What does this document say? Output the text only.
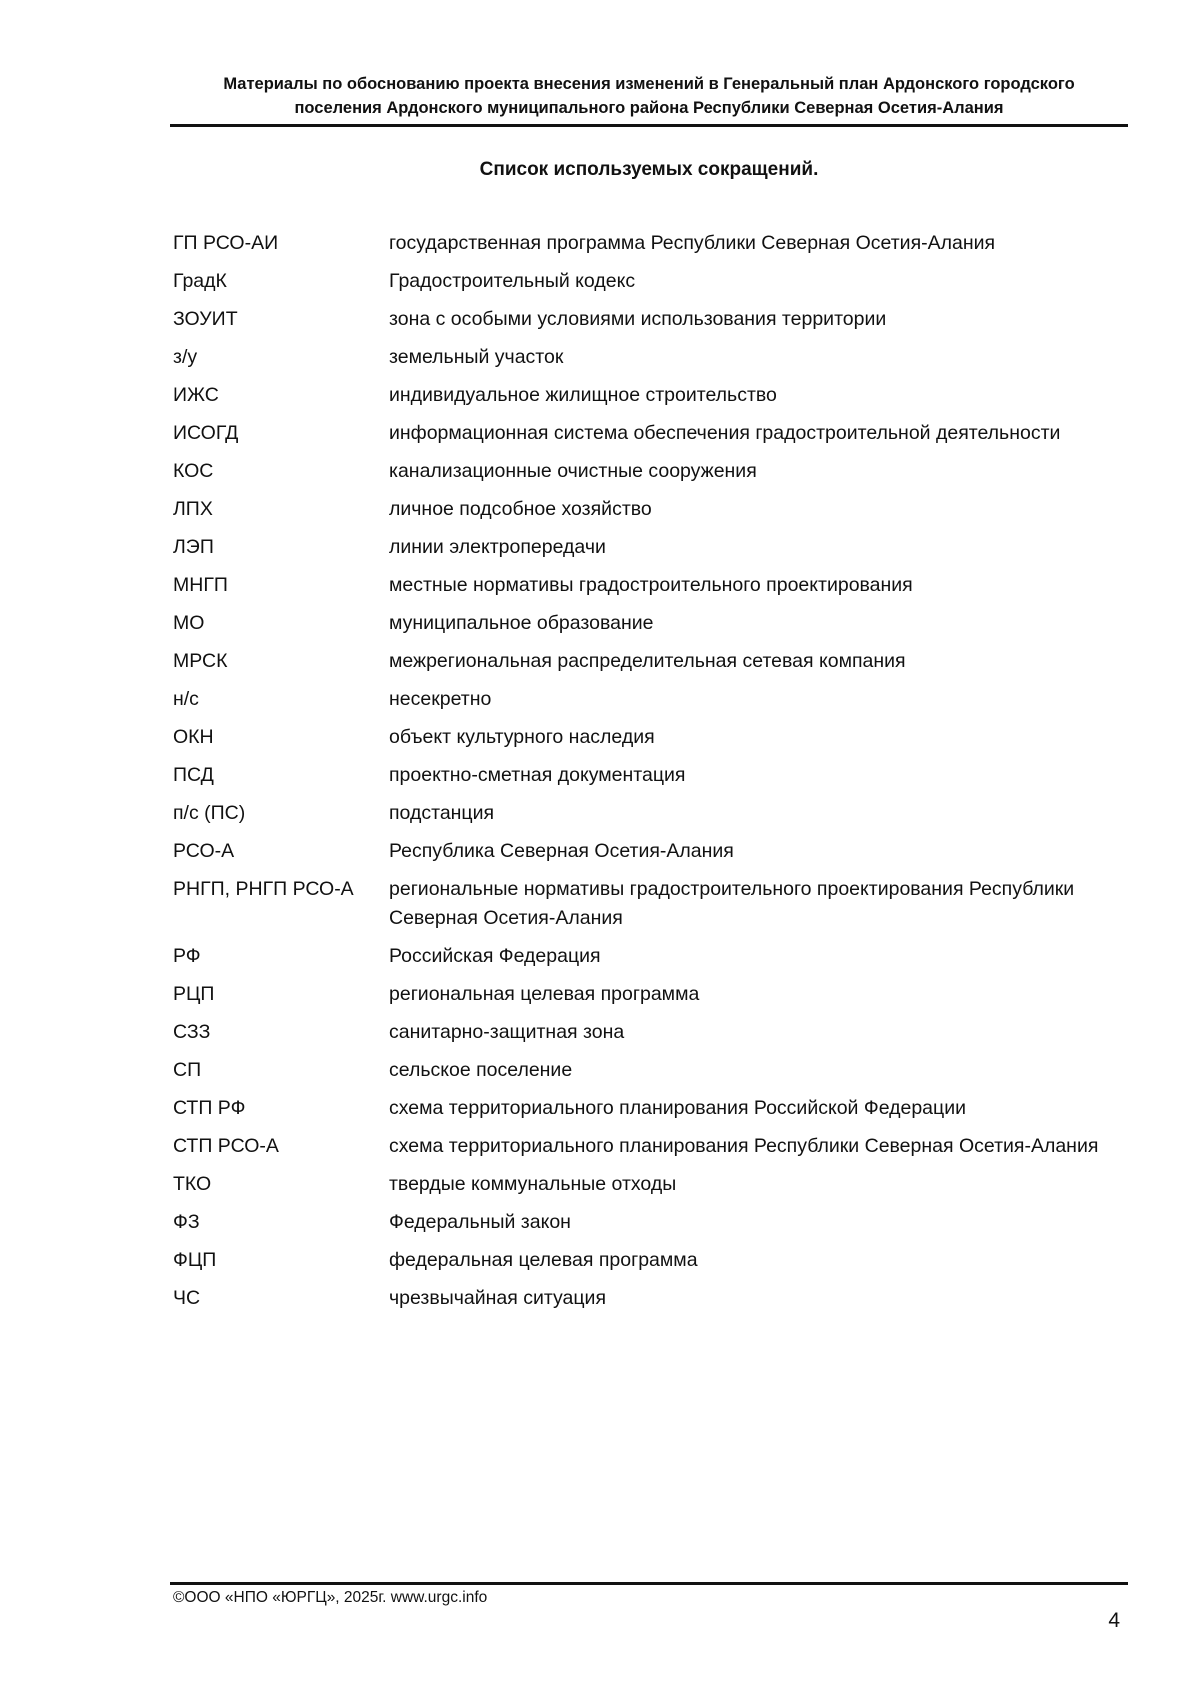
Материалы по обоснованию проекта внесения изменений в Генеральный план Ардонского городского
поселения Ардонского муниципального района Республики Северная Осетия-Алания
Список используемых сокращений.
ГП РСО-АИ	государственная программа Республики Северная Осетия-Алания
ГрадК	Градостроительный кодекс
ЗОУИТ	зона с особыми условиями использования территории
з/у	земельный участок
ИЖС	индивидуальное жилищное строительство
ИСОГД	информационная система обеспечения градостроительной деятельности
КОС	канализационные очистные сооружения
ЛПХ	личное подсобное хозяйство
ЛЭП	линии электропередачи
МНГП	местные нормативы градостроительного проектирования
МО	муниципальное образование
МРСК	межрегиональная распределительная сетевая компания
н/с	несекретно
ОКН	объект культурного наследия
ПСД	проектно-сметная документация
п/с (ПС)	подстанция
РСО-А	Республика Северная Осетия-Алания
РНГП, РНГП РСО-А	региональные нормативы градостроительного проектирования Республики Северная Осетия-Алания
РФ	Российская Федерация
РЦП	региональная целевая программа
СЗЗ	санитарно-защитная зона
СП	сельское поселение
СТП РФ	схема территориального планирования Российской Федерации
СТП РСО-А	схема территориального планирования Республики Северная Осетия-Алания
ТКО	твердые коммунальные отходы
ФЗ	Федеральный закон
ФЦП	федеральная целевая программа
ЧС	чрезвычайная ситуация
©ООО «НПО «ЮРГЦ», 2025г. www.urgc.info
4
